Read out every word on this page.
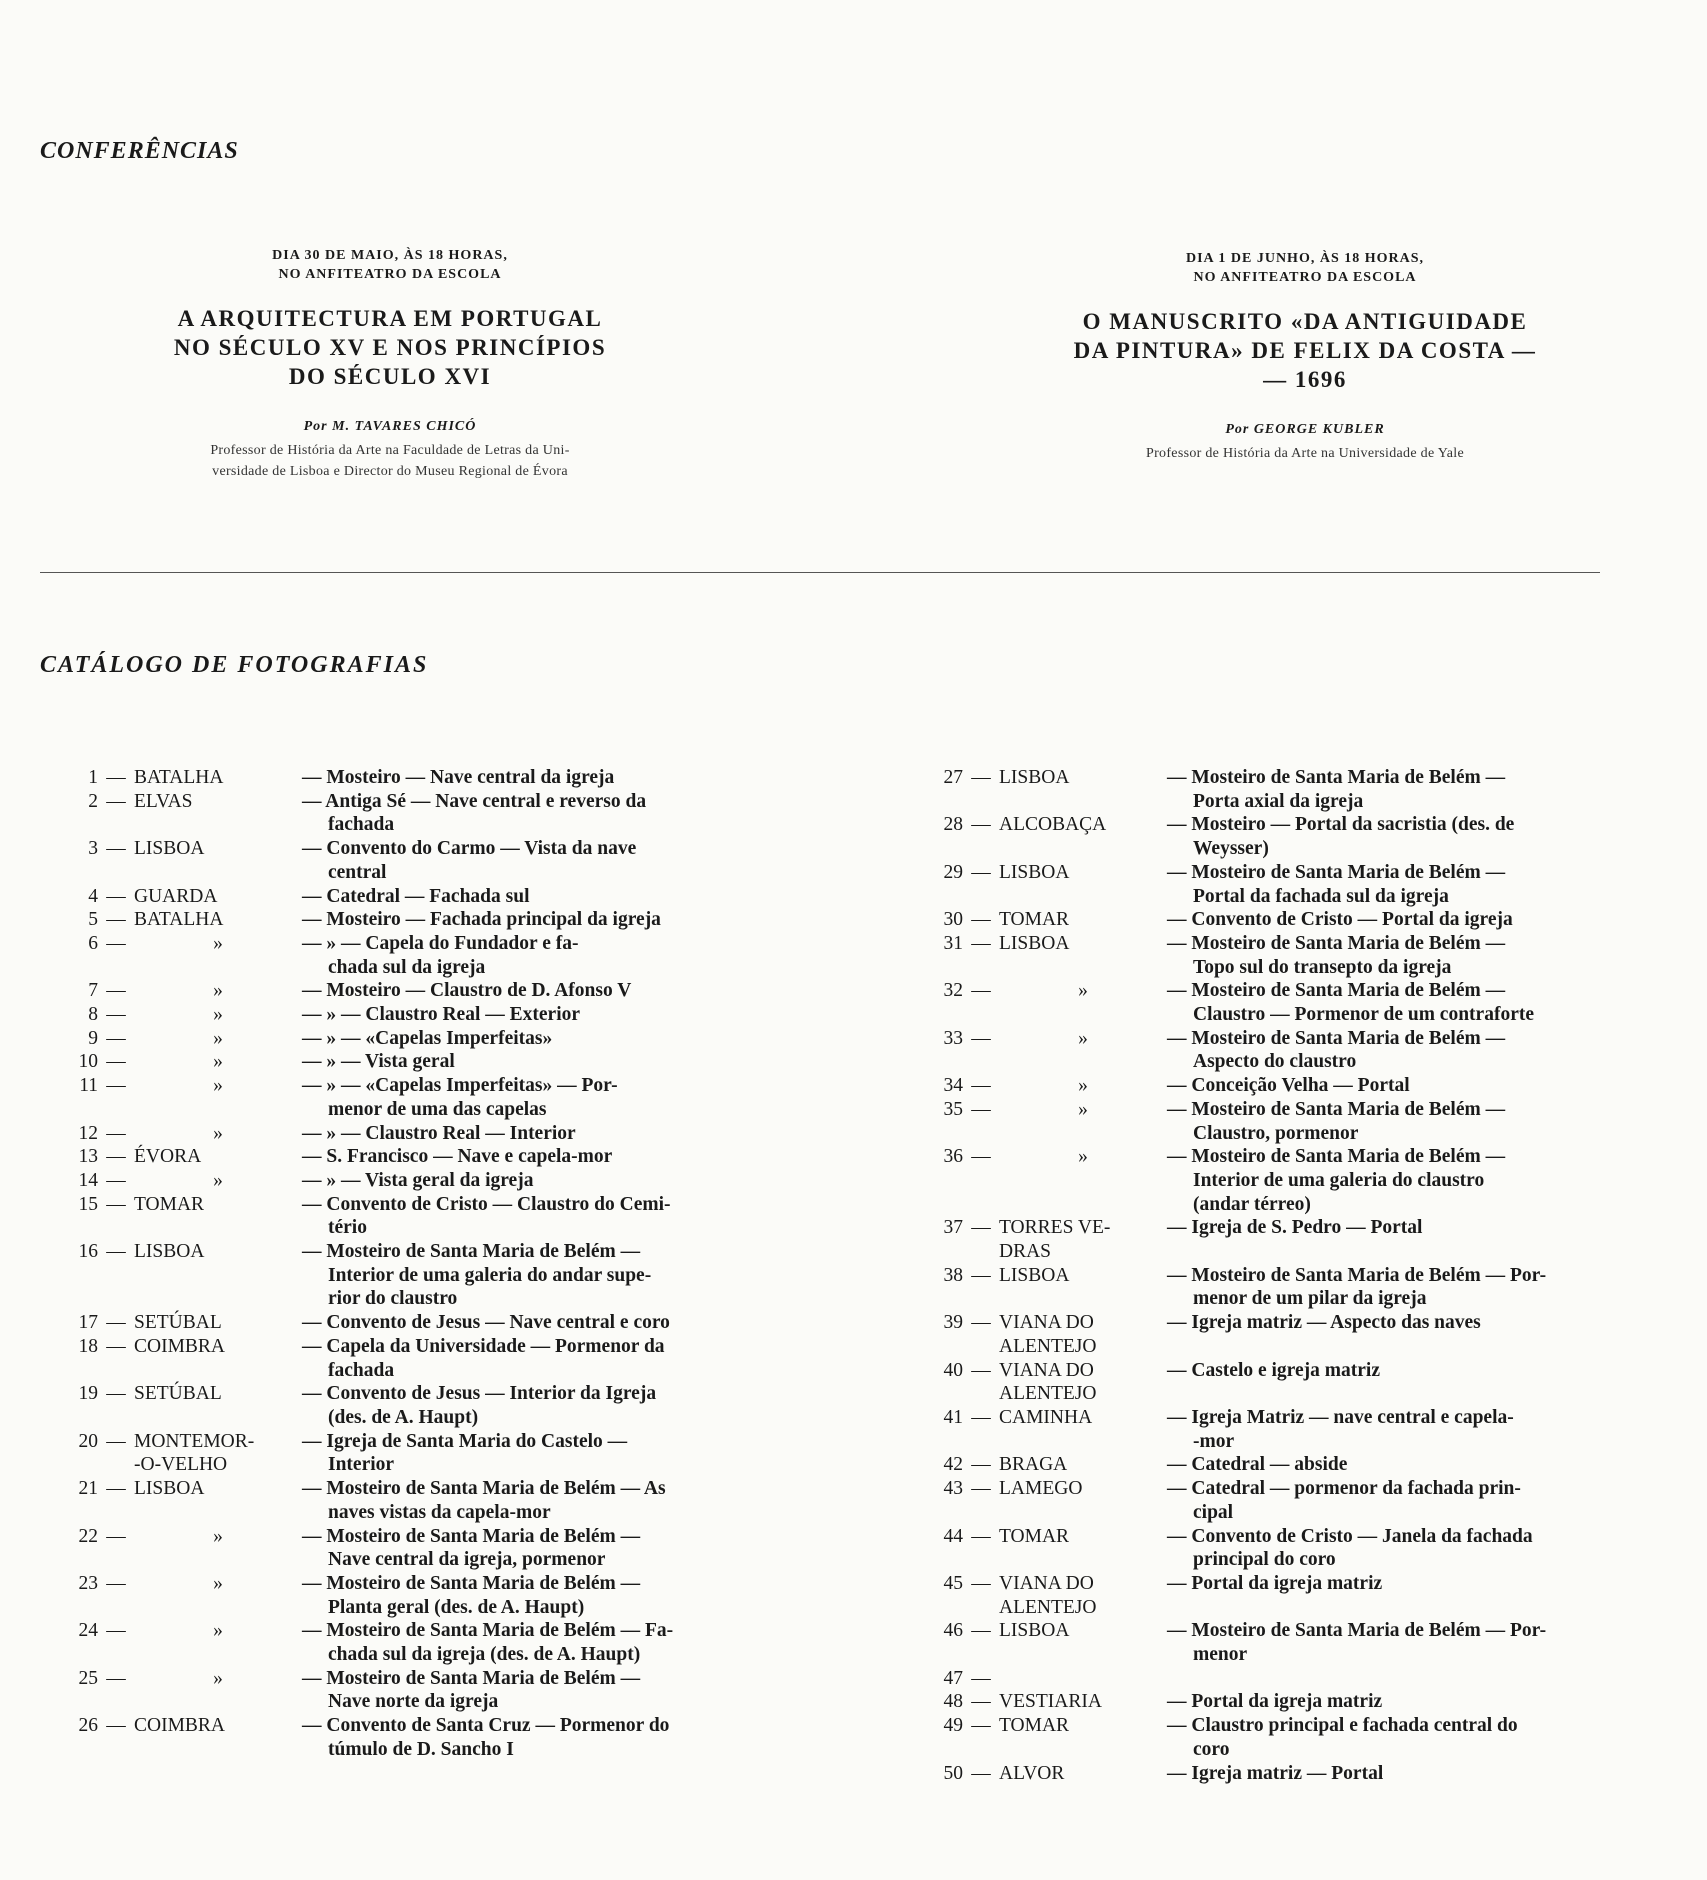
CONFERÊNCIAS
DIA 30 DE MAIO, ÀS 18 HORAS,
NO ANFITEATRO DA ESCOLA
A ARQUITECTURA EM PORTUGAL
NO SÉCULO XV E NOS PRINCÍPIOS
DO SÉCULO XVI
Por M. TAVARES CHICÓ
Professor de História da Arte na Faculdade de Letras da Uni-
versidade de Lisboa e Director do Museu Regional de Évora
DIA 1 DE JUNHO, ÀS 18 HORAS,
NO ANFITEATRO DA ESCOLA
O MANUSCRITO «DA ANTIGUIDADE
DA PINTURA» DE FELIX DA COSTA —
— 1696
Por GEORGE KUBLER
Professor de História da Arte na Universidade de Yale
CATÁLOGO DE FOTOGRAFIAS
1 — BATALHA	— Mosteiro — Nave central da igreja
2 — ELVAS	— Antiga Sé — Nave central e reverso da
fachada
3 — LISBOA	— Convento do Carmo — Vista da nave
central
4 — GUARDA	— Catedral — Fachada sul
5 — BATALHA	— Mosteiro — Fachada principal da igreja
6 —	»	— » — Capela do Fundador e fa-
chada sul da igreja
7 —	»	— Mosteiro — Claustro de D. Afonso V
8 —	»	— » — Claustro Real — Exterior
9 —	»	— » — «Capelas Imperfeitas»
10 —	»	— » — Vista geral
11 —	»	— » — «Capelas Imperfeitas» — Por-
menor de uma das capelas
12 —	»	— » — Claustro Real — Interior
13 — ÉVORA	— S. Francisco — Nave e capela-mor
14 —	»	— » — Vista geral da igreja
15 — TOMAR	— Convento de Cristo — Claustro do Cemi-
tério
16 — LISBOA	— Mosteiro de Santa Maria de Belém —
Interior de uma galeria do andar supe-
rior do claustro
17 — SETÚBAL	— Convento de Jesus — Nave central e coro
18 — COIMBRA	— Capela da Universidade — Pormenor da
fachada
19 — SETÚBAL	— Convento de Jesus — Interior da Igreja
(des. de A. Haupt)
20 — MONTEMOR-
-O-VELHO
— Igreja de Santa Maria do Castelo —
Interior
21 — LISBOA	— Mosteiro de Santa Maria de Belém — As
naves vistas da capela-mor
22 —	»	— Mosteiro de Santa Maria de Belém —
Nave central da igreja, pormenor
23 —	»	— Mosteiro de Santa Maria de Belém —
Planta geral (des. de A. Haupt)
24 —	»	— Mosteiro de Santa Maria de Belém — Fa-
chada sul da igreja (des. de A. Haupt)
25 —	»	— Mosteiro de Santa Maria de Belém —
Nave norte da igreja
26 — COIMBRA	— Convento de Santa Cruz — Pormenor do
túmulo de D. Sancho I
27 — LISBOA	— Mosteiro de Santa Maria de Belém —
Porta axial da igreja
28 — ALCOBAÇA	— Mosteiro — Portal da sacristia (des. de
Weysser)
29 — LISBOA	— Mosteiro de Santa Maria de Belém —
Portal da fachada sul da igreja
30 — TOMAR	— Convento de Cristo — Portal da igreja
31 — LISBOA	— Mosteiro de Santa Maria de Belém —
Topo sul do transepto da igreja
32 —	»	— Mosteiro de Santa Maria de Belém —
Claustro — Pormenor de um contraforte
33 —	»	— Mosteiro de Santa Maria de Belém —
Aspecto do claustro
34 —	»	— Conceição Velha — Portal
35 —	»	— Mosteiro de Santa Maria de Belém —
Claustro, pormenor
36 —	»	— Mosteiro de Santa Maria de Belém —
Interior de uma galeria do claustro
(andar térreo)
37 — TORRES VE-
DRAS
— Igreja de S. Pedro — Portal
38 — LISBOA	— Mosteiro de Santa Maria de Belém — Por-
menor de um pilar da igreja
39 — VIANA DO
ALENTEJO
— Igreja matriz — Aspecto das naves
40 — VIANA DO
ALENTEJO
— Castelo e igreja matriz
41 — CAMINHA	— Igreja Matriz — nave central e capela-
-mor
42 — BRAGA	— Catedral — abside
43 — LAMEGO	— Catedral — pormenor da fachada prin-
cipal
44 — TOMAR	— Convento de Cristo — Janela da fachada
principal do coro
45 — VIANA DO
ALENTEJO
— Portal da igreja matriz
46 — LISBOA	— Mosteiro de Santa Maria de Belém — Por-
menor
47 —
48 — VESTIARIA	— Portal da igreja matriz
49 — TOMAR	— Claustro principal e fachada central do
coro
50 — ALVOR	— Igreja matriz — Portal
